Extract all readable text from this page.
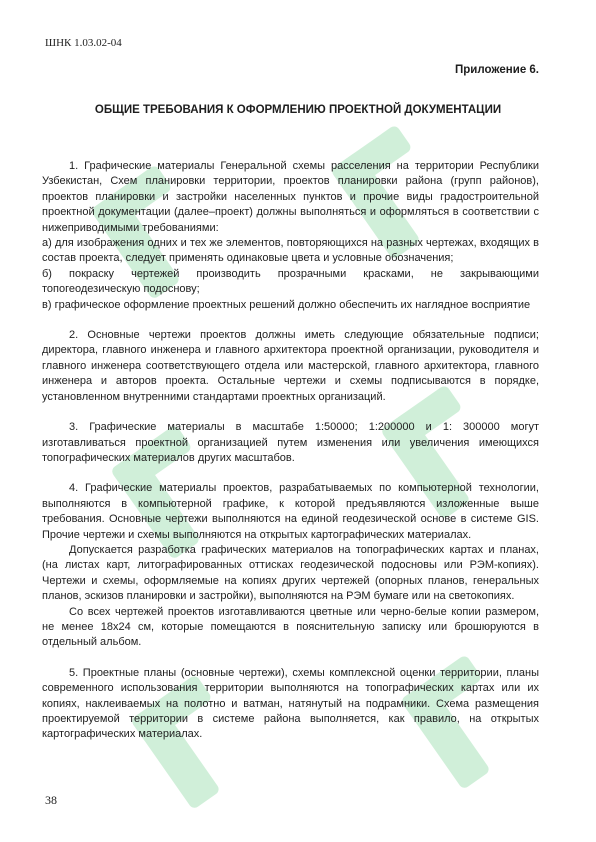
ШНК 1.03.02-04
Приложение 6.
ОБЩИЕ ТРЕБОВАНИЯ К ОФОРМЛЕНИЮ ПРОЕКТНОЙ ДОКУМЕНТАЦИИ

1. Графические материалы Генеральной схемы расселения на территории Республики Узбекистан, Схем планировки территории, проектов планировки района (групп районов), проектов планировки и застройки населенных пунктов и прочие виды градостроительной проектной документации (далее–проект) должны выполняться и оформляться в соответствии с нижеприводимыми требованиями:

а) для изображения одних и тех же элементов, повторяющихся на разных чертежах, входящих в состав проекта, следует применять одинаковые цвета и условные обозначения;

б) покраску чертежей производить прозрачными красками, не закрывающими топогеодезическую подоснову;

в) графическое оформление проектных решений должно обеспечить их наглядное восприятие

2. Основные чертежи проектов должны иметь следующие обязательные подписи; директора, главного инженера и главного архитектора проектной организации, руководителя и главного инженера соответствующего отдела или мастерской, главного архитектора, главного инженера и авторов проекта. Остальные чертежи и схемы подписываются в порядке, установленном внутренними стандартами проектных организаций.

3. Графические материалы в масштабе 1:50000; 1:200000 и 1: 300000 могут изготавливаться проектной организацией путем изменения или увеличения имеющихся топографических материалов других масштабов.

4. Графические материалы проектов, разрабатываемых по компьютерной технологии, выполняются в компьютерной графике, к которой предъявляются изложенные выше требования. Основные чертежи выполняются на единой геодезической основе в системе GIS. Прочие чертежи и схемы выполняются на открытых картографических материалах.

Допускается разработка графических материалов на топографических картах и планах, (на листах карт, литографированных оттисках геодезической подосновы или РЭМ-копиях). Чертежи и схемы, оформляемые на копиях других чертежей (опорных планов, генеральных планов, эскизов планировки и застройки), выполняются на РЭМ бумаге или на светокопиях.

Со всех чертежей проектов изготавливаются цветные или черно-белые копии размером, не менее 18х24 см, которые помещаются в пояснительную записку или брошюруются в отдельный альбом.

5. Проектные планы (основные чертежи), схемы комплексной оценки территории, планы современного использования территории выполняются на топографических картах или их копиях, наклеиваемых на полотно и ватман, натянутый на подрамники. Схема размещения проектируемой территории в системе района выполняется, как правило, на открытых картографических материалах.

38
